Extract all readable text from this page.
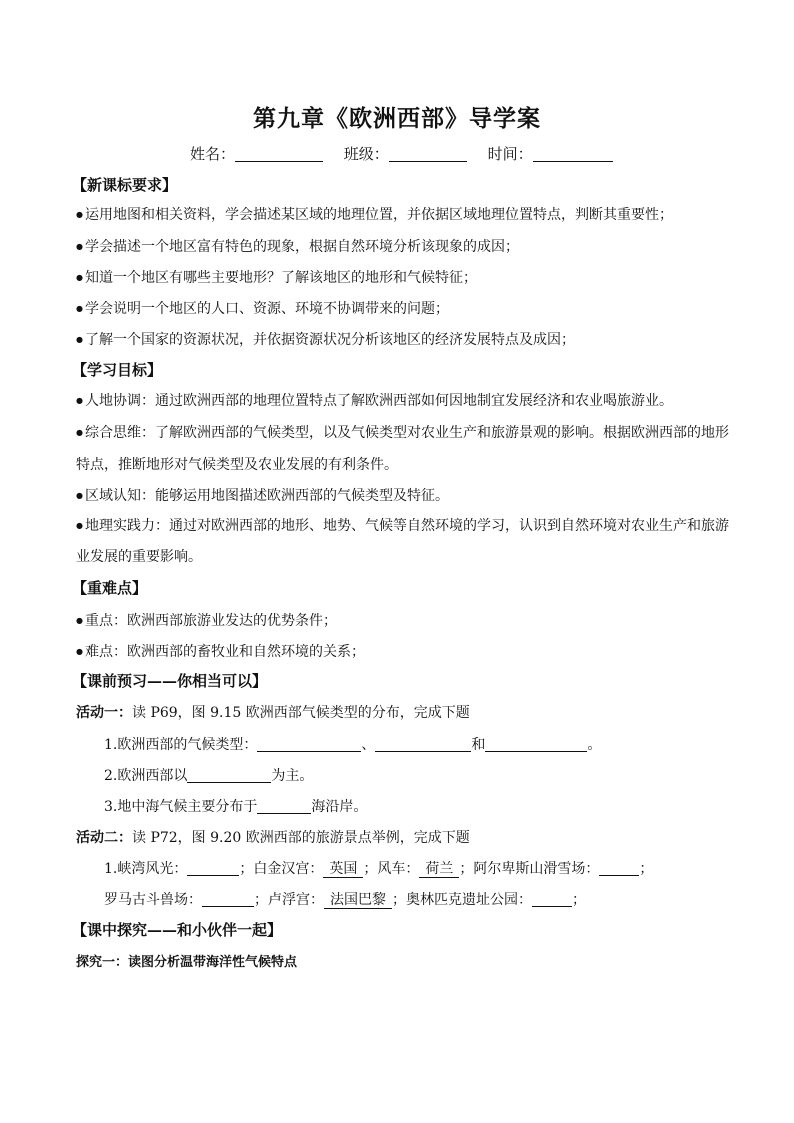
第九章《欧洲西部》导学案
姓名：	班级：	时间：
【新课标要求】
● 运用地图和相关资料，学会描述某区域的地理位置，并依据区域地理位置特点，判断其重要性；
● 学会描述一个地区富有特色的现象，根据自然环境分析该现象的成因；
● 知道一个地区有哪些主要地形？了解该地区的地形和气候特征；
● 学会说明一个地区的人口、资源、环境不协调带来的问题；
● 了解一个国家的资源状况，并依据资源状况分析该地区的经济发展特点及成因；
【学习目标】
● 人地协调：通过欧洲西部的地理位置特点了解欧洲西部如何因地制宜发展经济和农业喝旅游业。
● 综合思维：了解欧洲西部的气候类型，以及气候类型对农业生产和旅游景观的影响。根据欧洲西部的地形
特点，推断地形对气候类型及农业发展的有利条件。
● 区域认知：能够运用地图描述欧洲西部的气候类型及特征。
● 地理实践力：通过对欧洲西部的地形、地势、气候等自然环境的学习，认识到自然环境对农业生产和旅游
业发展的重要影响。
【重难点】
● 重点：欧洲西部旅游业发达的优势条件；
● 难点：欧洲西部的畜牧业和自然环境的关系；
【课前预习——你相当可以】
活动一：读 P69，图 9.15 欧洲西部气候类型的分布，完成下题
1.欧洲西部的气候类型：	、	和	。
2.欧洲西部以	为主。
3.地中海气候主要分布于	海沿岸。
活动二：读 P72，图 9.20 欧洲西部的旅游景点举例，完成下题
1.峡湾风光：	；白金汉宫： 英国 ；风车： 荷兰 ；阿尔卑斯山滑雪场：	；
罗马古斗兽场：	；卢浮宫： 法国巴黎 ；奥林匹克遗址公园：	；
【课中探究——和小伙伴一起】
探究一：读图分析温带海洋性气候特点
